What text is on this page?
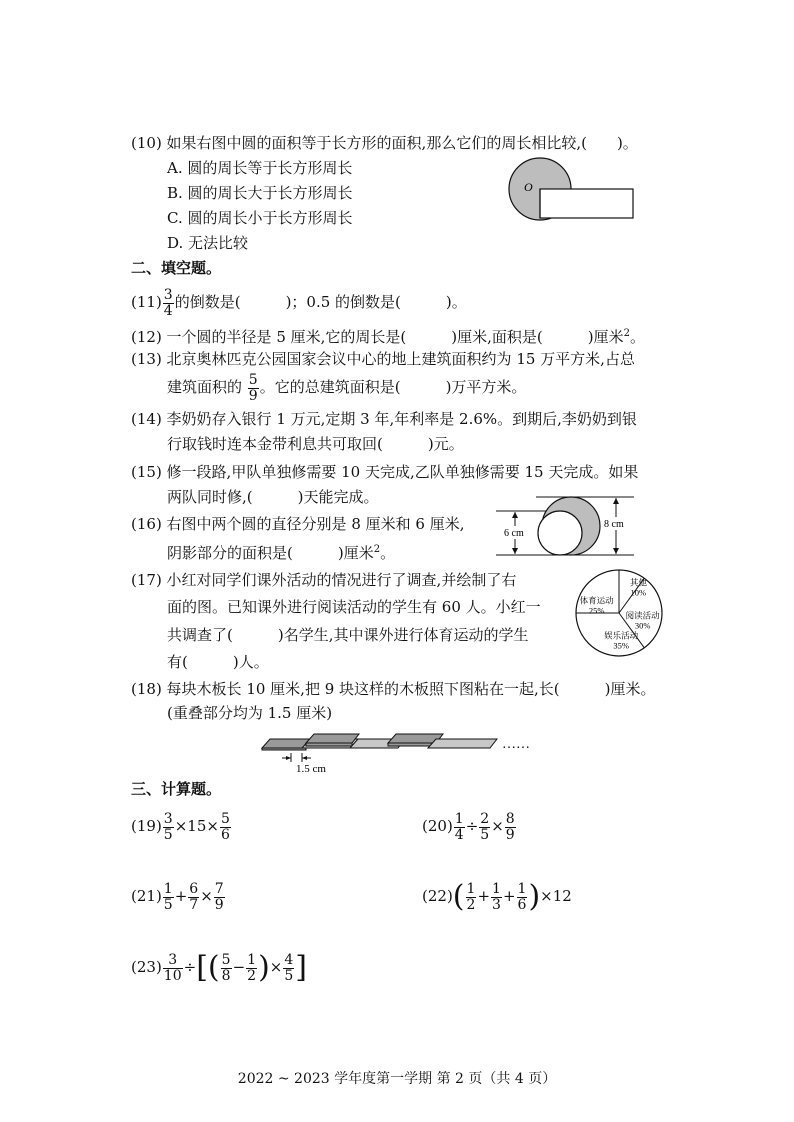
(10) 如果右图中圆的面积等于长方形的面积,那么它们的周长相比较,(　　)。
A. 圆的周长等于长方形周长
B. 圆的周长大于长方形周长
C. 圆的周长小于长方形周长
D. 无法比较
O
二、填空题。
$(11) \frac{3}{4}$ 的倒数是(　　　)；0.5 的倒数是(　　　)。
(12) 一个圆的半径是 5 厘米,它的周长是(　　　)厘米,面积是(　　　)厘米$^2$。
(13) 北京奥林匹克公园国家会议中心的地上建筑面积约为 15 万平方米,占总
建筑面积的 $\frac{5}{9}$ 。它的总建筑面积是(　　　)万平方米。
(14) 李奶奶存入银行 1 万元,定期 3 年,年利率是 2.6%。到期后,李奶奶到银
行取钱时连本金带利息共可取回(　　　)元。
(15) 修一段路,甲队单独修需要 10 天完成,乙队单独修需要 15 天完成。如果
两队同时修,(　　　)天能完成。
(16) 右图中两个圆的直径分别是 8 厘米和 6 厘米,
阴影部分的面积是(　　　)厘米$^2$。
6 cm
8 cm
(17) 小红对同学们课外活动的情况进行了调查,并绘制了右
面的图。已知课外进行阅读活动的学生有 60 人。小红一
共调查了(　　　)名学生,其中课外进行体育运动的学生
有(　　　)人。
其他
10%
阅读活动
30%
娱乐活动
35%
体育运动
25%
(18) 每块木板长 10 厘米,把 9 块这样的木板照下图粘在一起,长(　　　)厘米。
(重叠部分均为 1.5 厘米)
1.5 cm
……
三、计算题。
$(19) \frac{3}{5} \times 15\times \frac{5}{6}$	$(20) \frac{1}{4} \div \frac{2}{5} \times \frac{8}{9}$
$(21) \frac{1}{5} + \frac{6}{7} \times \frac{7}{9}$	$(22)( \frac{1}{2} + \frac{1}{3} + \frac{1}{6} )\times 12$
$(23) \frac{3}{10}$ ÷[( $\frac{5}{8} - \frac{1}{2}$ )× $\frac{4}{5}$ ]
2022 ~ 2023 学年度第一学期 第 2 页（共 4 页）
